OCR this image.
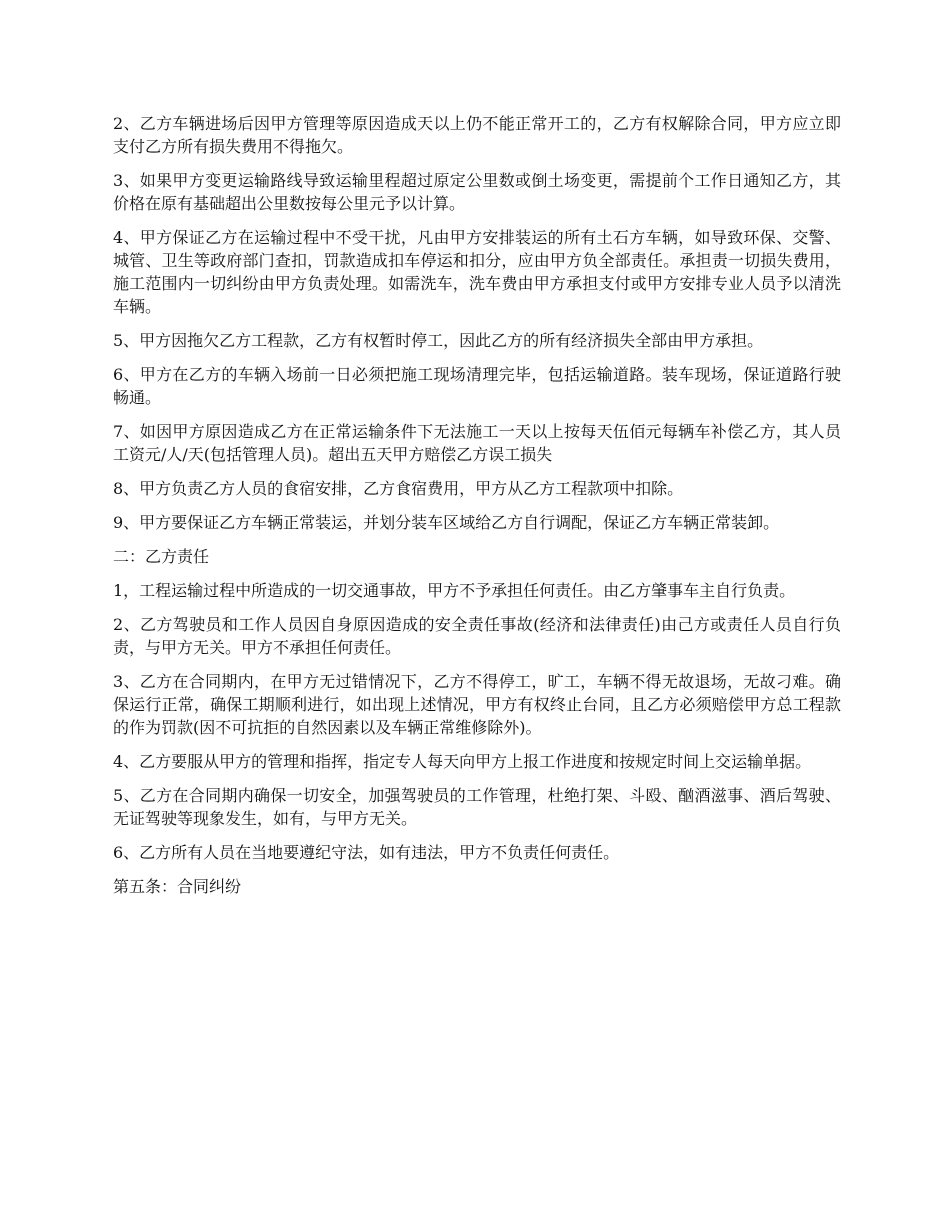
2、乙方车辆进场后因甲方管理等原因造成天以上仍不能正常开工的，乙方有权解除合同，甲方应立即支付乙方所有损失费用不得拖欠。

3、如果甲方变更运输路线导致运输里程超过原定公里数或倒土场变更，需提前个工作日通知乙方，其价格在原有基础超出公里数按每公里元予以计算。

4、甲方保证乙方在运输过程中不受干扰，凡由甲方安排装运的所有土石方车辆，如导致环保、交警、城管、卫生等政府部门查扣，罚款造成扣车停运和扣分，应由甲方负全部责任。承担责一切损失费用，施工范围内一切纠纷由甲方负责处理。如需洗车，洗车费由甲方承担支付或甲方安排专业人员予以清洗车辆。

5、甲方因拖欠乙方工程款，乙方有权暂时停工，因此乙方的所有经济损失全部由甲方承担。

6、甲方在乙方的车辆入场前一日必须把施工现场清理完毕，包括运输道路。装车现场，保证道路行驶畅通。

7、如因甲方原因造成乙方在正常运输条件下无法施工一天以上按每天伍佰元每辆车补偿乙方，其人员工资元/人/天(包括管理人员)。超出五天甲方赔偿乙方误工损失

8、甲方负责乙方人员的食宿安排，乙方食宿费用，甲方从乙方工程款项中扣除。

9、甲方要保证乙方车辆正常装运，并划分装车区域给乙方自行调配，保证乙方车辆正常装卸。

二：乙方责任

1，工程运输过程中所造成的一切交通事故，甲方不予承担任何责任。由乙方肇事车主自行负责。

2、乙方驾驶员和工作人员因自身原因造成的安全责任事故(经济和法律责任)由己方或责任人员自行负责，与甲方无关。甲方不承担任何责任。

3、乙方在合同期内，在甲方无过错情况下，乙方不得停工，旷工，车辆不得无故退场，无故刁难。确保运行正常，确保工期顺利进行，如出现上述情况，甲方有权终止台同，且乙方必须赔偿甲方总工程款的作为罚款(因不可抗拒的自然因素以及车辆正常维修除外)。

4、乙方要服从甲方的管理和指挥，指定专人每天向甲方上报工作进度和按规定时间上交运输单据。

5、乙方在合同期内确保一切安全，加强驾驶员的工作管理，杜绝打架、斗殴、酗酒滋事、酒后驾驶、无证驾驶等现象发生，如有，与甲方无关。

6、乙方所有人员在当地要遵纪守法，如有违法，甲方不负责任何责任。

第五条：合同纠纷
